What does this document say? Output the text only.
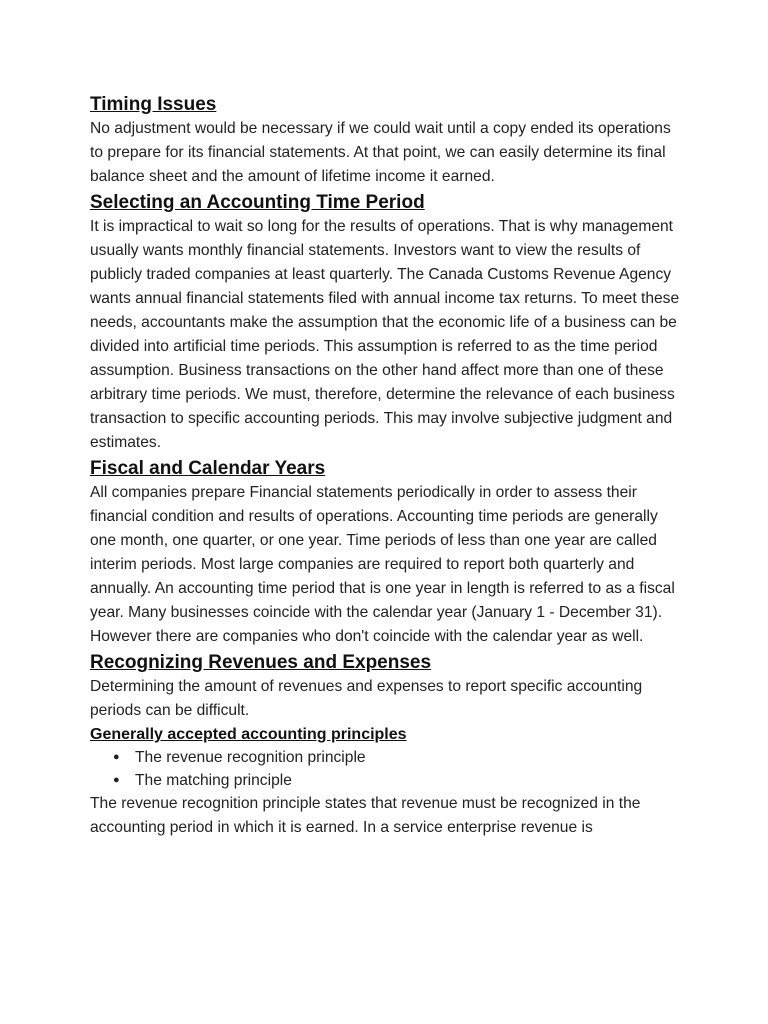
Timing Issues

No adjustment would be necessary if we could wait until a copy ended its operations to prepare for its financial statements. At that point, we can easily determine its final balance sheet and the amount of lifetime income it earned.

Selecting an Accounting Time Period

It is impractical to wait so long for the results of operations. That is why management usually wants monthly financial statements. Investors want to view the results of publicly traded companies at least quarterly. The Canada Customs Revenue Agency wants annual financial statements filed with annual income tax returns. To meet these needs, accountants make the assumption that the economic life of a business can be divided into artificial time periods. This assumption is referred to as the time period assumption. Business transactions on the other hand affect more than one of these arbitrary time periods. We must, therefore, determine the relevance of each business transaction to specific accounting periods. This may involve subjective judgment and estimates.

Fiscal and Calendar Years

All companies prepare Financial statements periodically in order to assess their financial condition and results of operations. Accounting time periods are generally one month, one quarter, or one year. Time periods of less than one year are called interim periods. Most large companies are required to report both quarterly and annually. An accounting time period that is one year in length is referred to as a fiscal year. Many businesses coincide with the calendar year (January 1 - December 31). However there are companies who don't coincide with the calendar year as well.

Recognizing Revenues and Expenses

Determining the amount of revenues and expenses to report specific accounting periods can be difficult.

Generally accepted accounting principles
● The revenue recognition principle
● The matching principle

The revenue recognition principle states that revenue must be recognized in the accounting period in which it is earned. In a service enterprise revenue is
